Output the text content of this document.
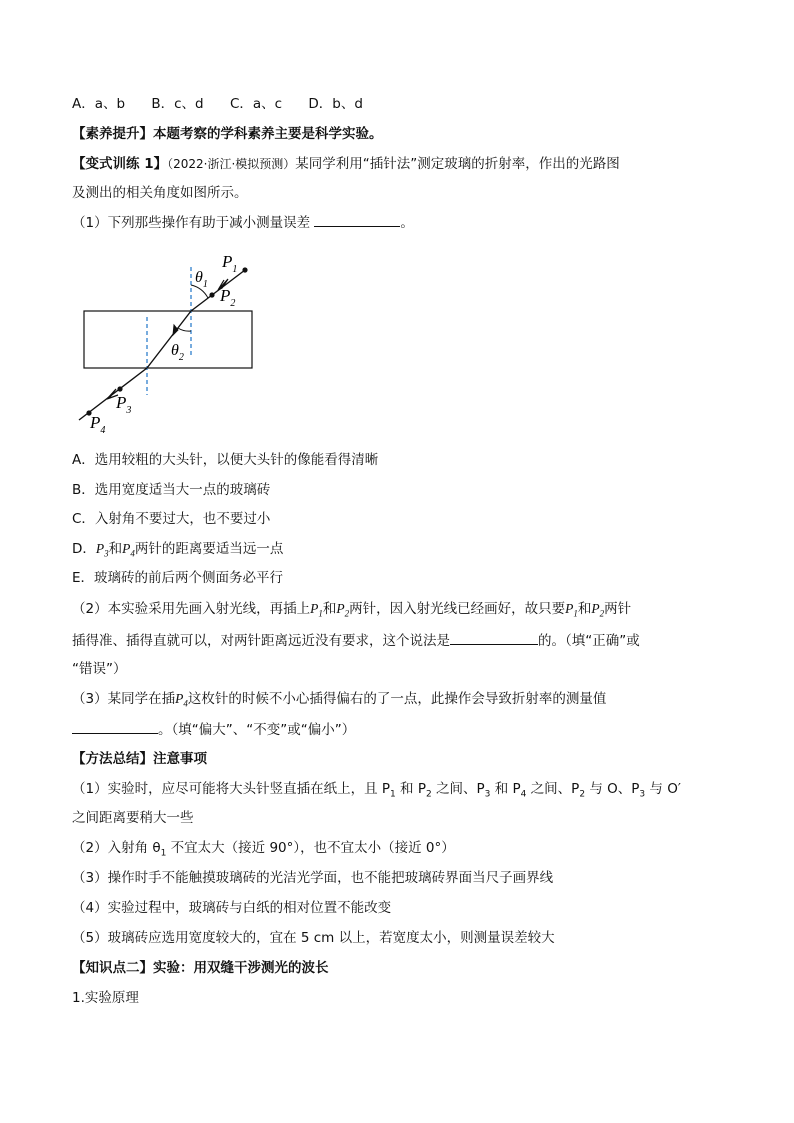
A．a、b B．c、d C．a、c D．b、d
【素养提升】本题考察的学科素养主要是科学实验。
【变式训练 1】（2022·浙江·模拟预测）某同学利用“插针法”测定玻璃的折射率，作出的光路图
及测出的相关角度如图所示。
（1）下列那些操作有助于减小测量误差	。
$P_1$
$P_2$
$P_3$
$P_4$
$\theta_1$
$\theta_2$
A．选用较粗的大头针，以便大头针的像能看得清晰
B．选用宽度适当大一点的玻璃砖
C．入射角不要过大，也不要过小
D．$P_3$和$P_4$两针的距离要适当远一点
E．玻璃砖的前后两个侧面务必平行
（2）本实验采用先画入射光线，再插上$P_1$和$P_2$两针，因入射光线已经画好，故只要$P_1$和$P_2$两针
插得准、插得直就可以，对两针距离远近没有要求，这个说法是	的。（填“正确”或
“错误”）
（3）某同学在插$P_4$这枚针的时候不小心插得偏右的了一点，此操作会导致折射率的测量值
。（填“偏大”、“不变”或“偏小”）
【方法总结】注意事项
（1）实验时，应尽可能将大头针竖直插在纸上，且 $P_1$ 和 $P_2$ 之间、$P_3$ 和 $P_4$ 之间、$P_2$ 与 O、$P_3$ 与 O′
之间距离要稍大一些
（2）入射角 $\theta_1$ 不宜太大（接近 90°），也不宜太小（接近 0°）
（3）操作时手不能触摸玻璃砖的光洁光学面，也不能把玻璃砖界面当尺子画界线
（4）实验过程中，玻璃砖与白纸的相对位置不能改变
（5）玻璃砖应选用宽度较大的，宜在 5 cm 以上，若宽度太小，则测量误差较大
【知识点二】实验：用双缝干涉测光的波长
1.实验原理
